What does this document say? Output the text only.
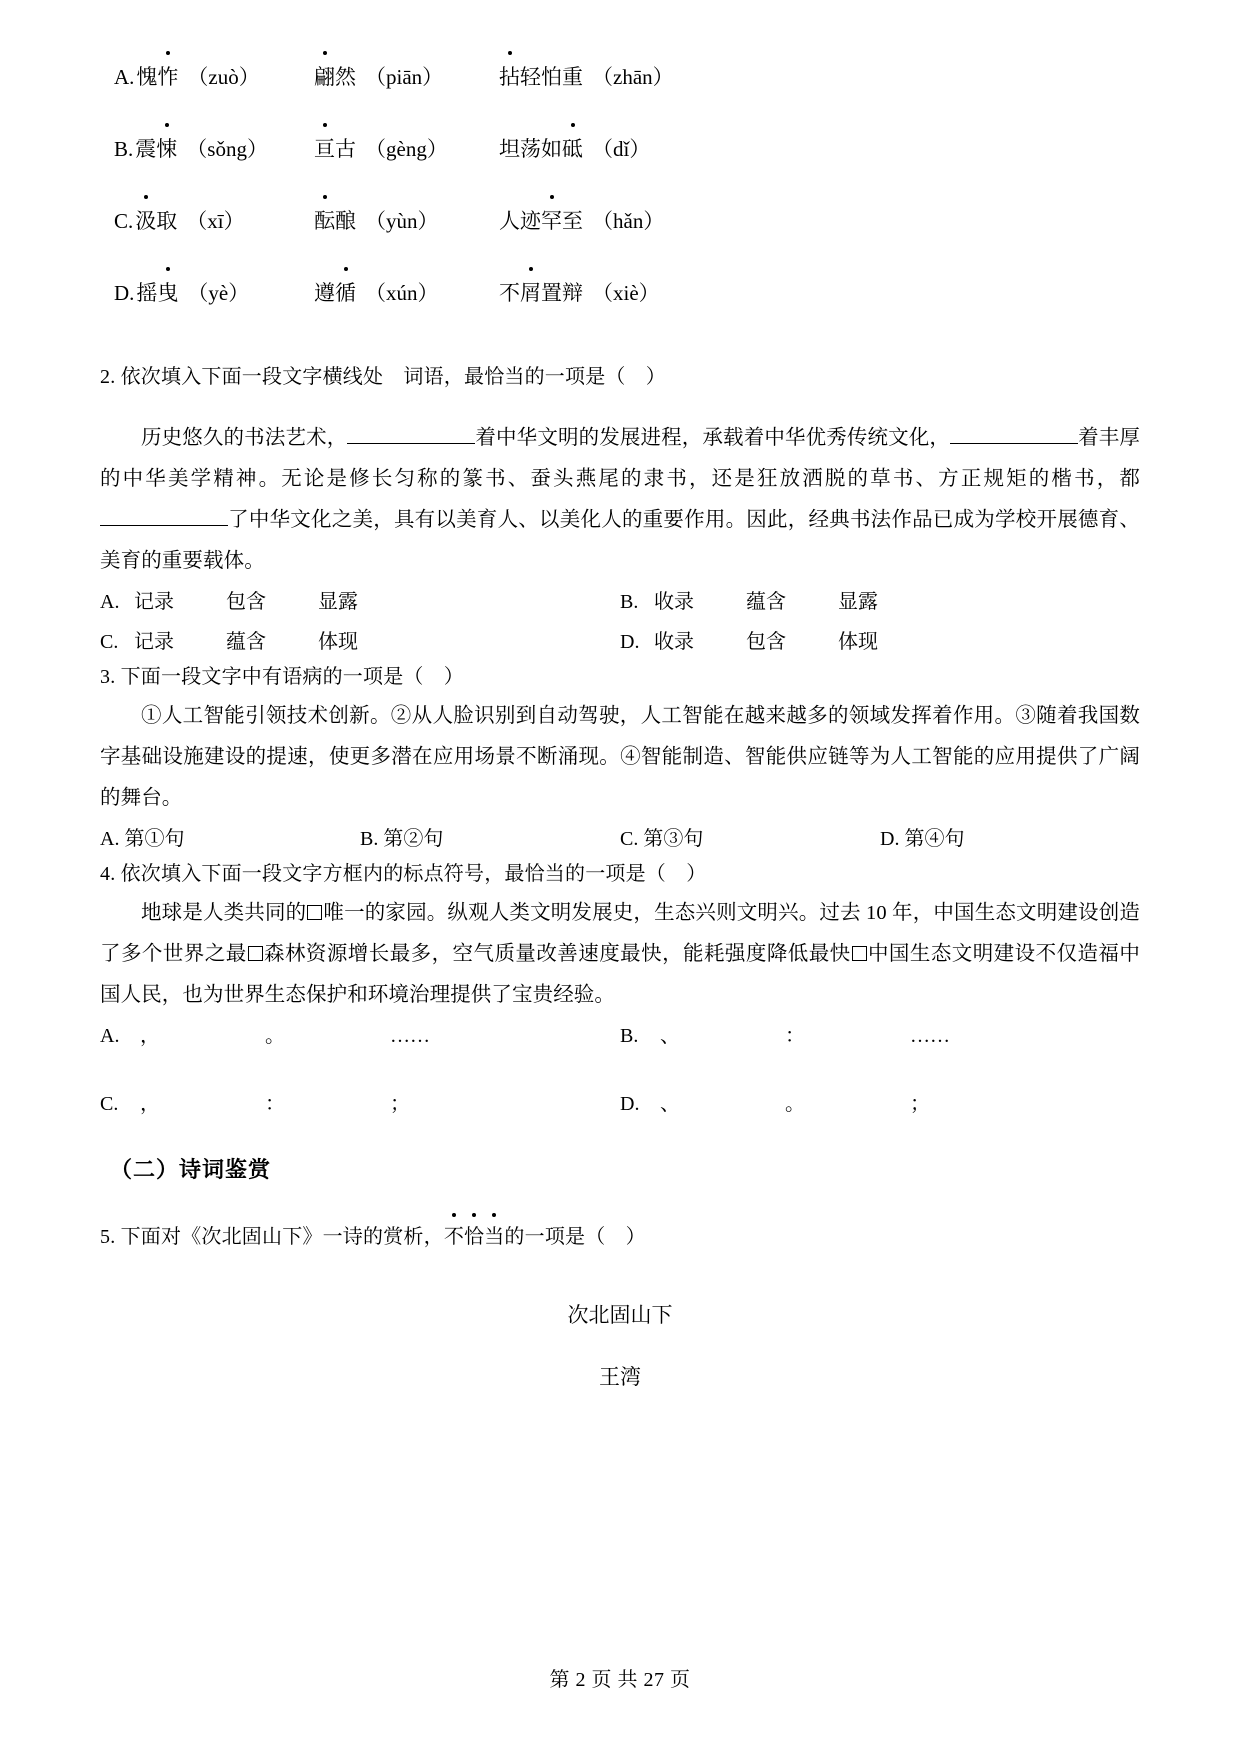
A. 愧怍 （zuò）	翩然 （piān）	拈轻怕重 （zhān）
B. 震悚 （sǒng） 亘古 （gèng） 坦荡如砥 （dǐ）
C. 汲取 （xī）	酝酿 （yùn）	人迹罕至 （hǎn）
D. 摇曳 （yè）	遵循 （xún）	不屑置辩 （xiè）

2. 依次填入下面一段文字横线处　词语，最恰当的一项是（　）

历史悠久的书法艺术，	着中华文明的发展进程，承载着中华优秀传统文化，	着丰厚的中华美学精神。无论是修长匀称的篆书、蚕头燕尾的隶书，还是狂放洒脱的草书、方正规矩的楷书，都了中华文化之美，具有以美育人、以美化人的重要作用。因此，经典书法作品已成为学校开展德育、美育的重要载体。

A. 记录	包含	显露	B. 收录	蕴含	显露
C. 记录	蕴含	体现	D. 收录	包含	体现

3. 下面一段文字中有语病的一项是（　）

①人工智能引领技术创新。②从人脸识别到自动驾驶，人工智能在越来越多的领域发挥着作用。③随着我国数字基础设施建设的提速，使更多潜在应用场景不断涌现。④智能制造、智能供应链等为人工智能的应用提供了广阔的舞台。

A. 第①句	B. 第②句	C. 第③句	D. 第④句

4. 依次填入下面一段文字方框内的标点符号，最恰当的一项是（　）

地球是人类共同的 唯一的家园。纵观人类文明发展史，生态兴则文明兴。过去 10 年，中国生态文明建设创造了多个世界之最 森林资源增长最多，空气质量改善速度最快，能耗强度降低最快 中国生态文明建设不仅造福中国人民，也为世界生态保护和环境治理提供了宝贵经验。

A.	，	。	……	B.	、	：	……
C.	，	：	；	D.	、	。	；
（二）诗词鉴赏

5. 下面对《次北固山下》一诗的赏析，不恰当的一项是（　）

次北固山下
王湾
第 2 页 共 27 页
